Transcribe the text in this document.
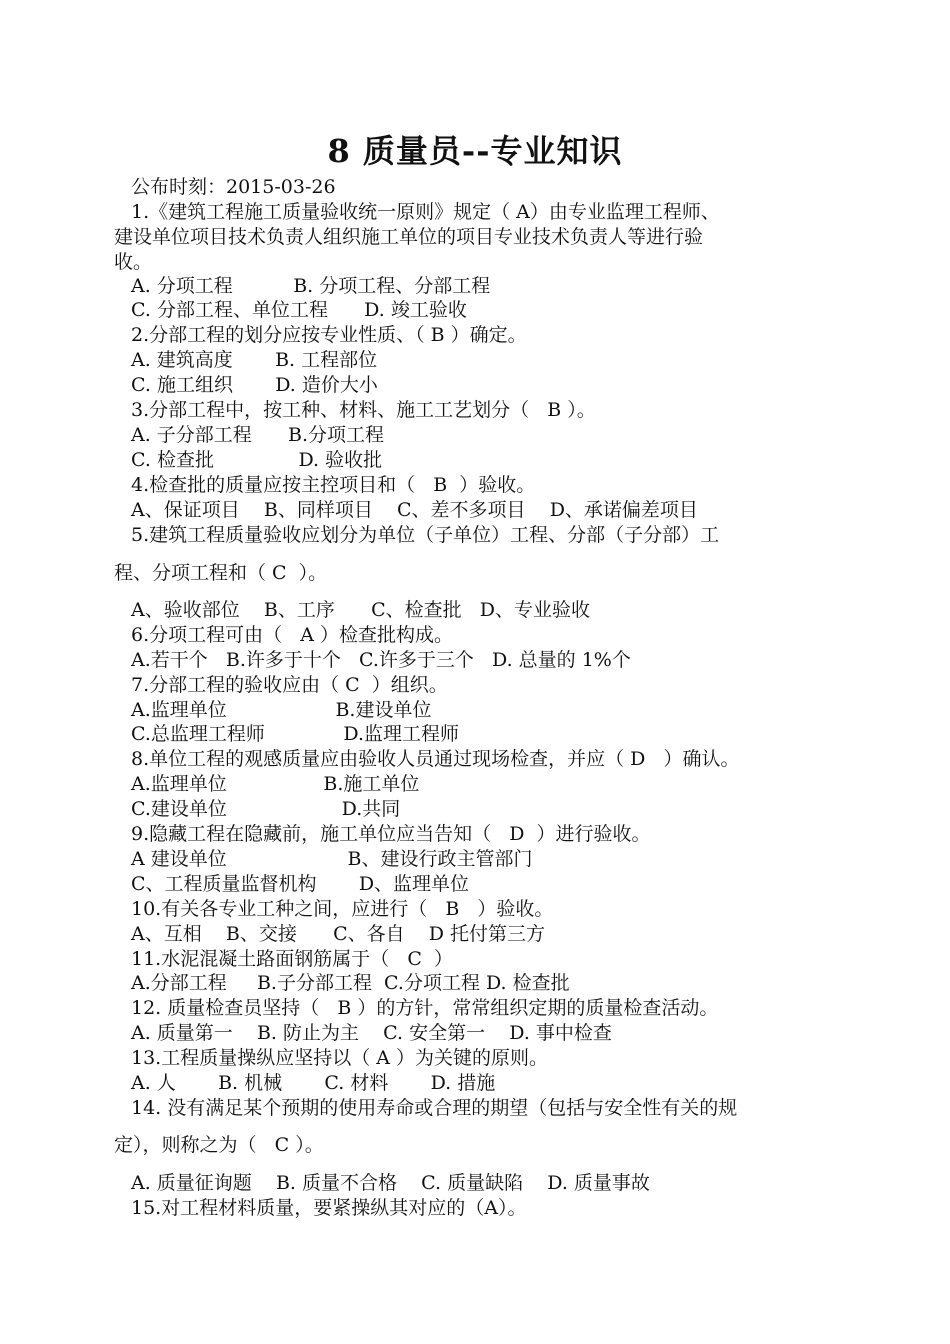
8 质量员--专业知识
公布时刻：2015-03-26
1.《建筑工程施工质量验收统一原则》规定（ A）由专业监理工程师、
建设单位项目技术负责人组织施工单位的项目专业技术负责人等进行验
收。
A. 分项工程          B. 分项工程、分部工程
C. 分部工程、单位工程      D. 竣工验收
2.分部工程的划分应按专业性质、（ B ）确定。
A. 建筑高度       B. 工程部位
C. 施工组织       D. 造价大小
3.分部工程中，按工种、材料、施工工艺划分（   B ）。
A. 子分部工程      B.分项工程
C. 检查批              D. 验收批
4.检查批的质量应按主控项目和（   B  ）验收。
A、保证项目    B、同样项目    C、差不多项目    D、承诺偏差项目
5.建筑工程质量验收应划分为单位（子单位）工程、分部（子分部）工
程、分项工程和（ C  ）。
A、验收部位    B、工序      C、检查批   D、专业验收
6.分项工程可由（   A ）检查批构成。
A.若干个   B.许多于十个   C.许多于三个   D. 总量的 1%个
7.分部工程的验收应由（ C  ）组织。
A.监理单位                  B.建设单位
C.总监理工程师             D.监理工程师
8.单位工程的观感质量应由验收人员通过现场检查，并应（ D   ）确认。
A.监理单位                B.施工单位
C.建设单位                   D.共同
9.隐藏工程在隐藏前，施工单位应当告知（   D  ）进行验收。
A 建设单位                    B、建设行政主管部门
C、工程质量监督机构       D、监理单位
10.有关各专业工种之间，应进行（   B   ）验收。
A、互相    B、交接      C、各自    D 托付第三方
11.水泥混凝土路面钢筋属于（   C  ）
A.分部工程     B.子分部工程  C.分项工程 D. 检查批
12. 质量检查员坚持（   B ）的方针，常常组织定期的质量检查活动。
A. 质量第一    B. 防止为主    C. 安全第一    D. 事中检查
13.工程质量操纵应坚持以（ A ）为关键的原则。
A. 人       B. 机械       C. 材料       D. 措施
14. 没有满足某个预期的使用寿命或合理的期望（包括与安全性有关的规
定），则称之为（   C ）。
A. 质量征询题    B. 质量不合格    C. 质量缺陷    D. 质量事故
15.对工程材料质量，要紧操纵其对应的（A）。
